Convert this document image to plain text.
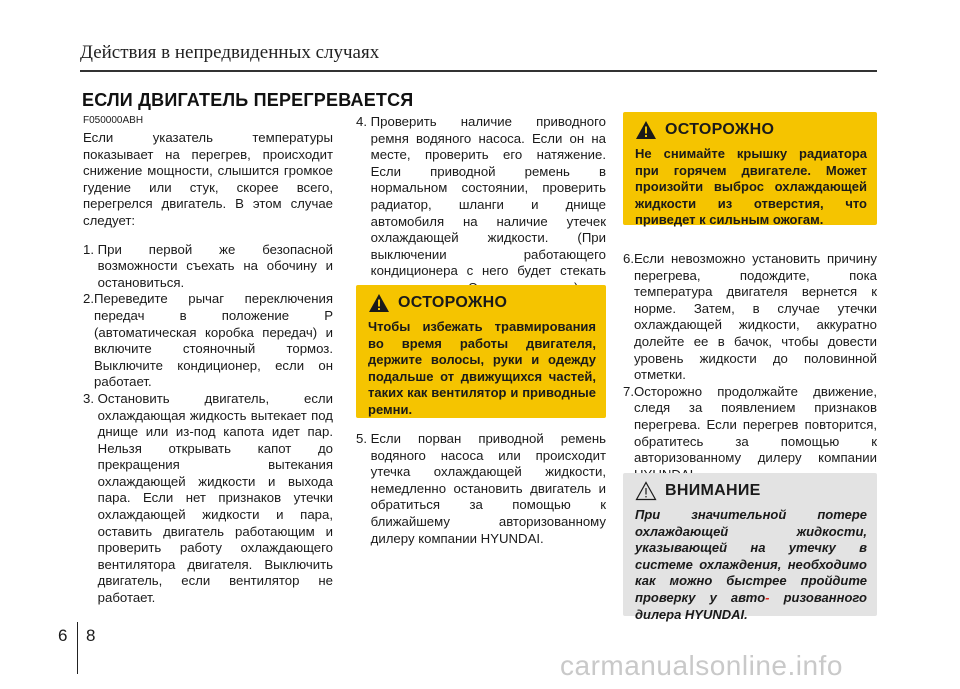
Действия в непредвиденных случаях
ЕСЛИ ДВИГАТЕЛЬ ПЕРЕГРЕВАЕТСЯ
F050000ABH
Если указатель температуры показывает на перегрев, происходит снижение мощности, слышится громкое гудение или стук, скорее всего, перегрелся двигатель. В этом случае следует:
1. При первой же безопасной возможности съехать на обочину и остановиться.
2. Переведите рычаг переключения передач в положение P (автоматическая коробка передач) и включите стояночный тормоз. Выключите кондиционер, если он работает.
3. Остановить двигатель, если охлаждающая жидкость вытекает под днище или из-под капота идет пар. Нельзя открывать капот до прекращения вытекания охлаждающей жидкости и выхода пара. Если нет признаков утечки охлаждающей жидкости и пара, оставить двигатель работающим и проверить работу охлаждающего вентилятора двигателя. Выключить двигатель, если вентилятор не работает.
4. Проверить наличие приводного ремня водяного насоса. Если он на месте, проверить его натяжение. Если приводной ремень в нормальном состоянии, проверить радиатор, шланги и днище автомобиля на наличие утечек охлаждающей жидкости. (При выключении работающего кондиционера с него будет стекать
ОСТОРОЖНО
Чтобы избежать травмирования во время работы двигателя, держите волосы, руки и одежду подальше от движущихся частей, таких как вентилятор и приводные ремни.
5. Если порван приводной ремень водяного насоса или происходит утечка охлаждающей жидкости, немедленно остановить двигатель и обратиться за помощью к ближайшему авторизованному дилеру компании HYUNDAI.
ОСТОРОЖНО
Не снимайте крышку радиатора при горячем двигателе. Может произойти выброс охлаждающей жидкости из отверстия, что приведет к сильным ожогам.
6. Если невозможно установить причину перегрева, подождите, пока температура двигателя вернется к норме. Затем, в случае утечки охлаждающей жидкости, аккуратно долейте ее в бачок, чтобы довести уровень жидкости до половинной отметки.
7. Осторожно продолжайте движение, следя за появлением признаков перегрева. Если перегрев повторится, обратитесь за помощью к авторизованному дилеру компании
ВНИМАНИЕ
При значительной потере охлаждающей жидкости, указывающей на утечку в системе охлаждения, необходимо как можно быстрее пройдите проверку у авто- ризованного дилера HYUNDAI.
6 8
carmanualsonline.info
